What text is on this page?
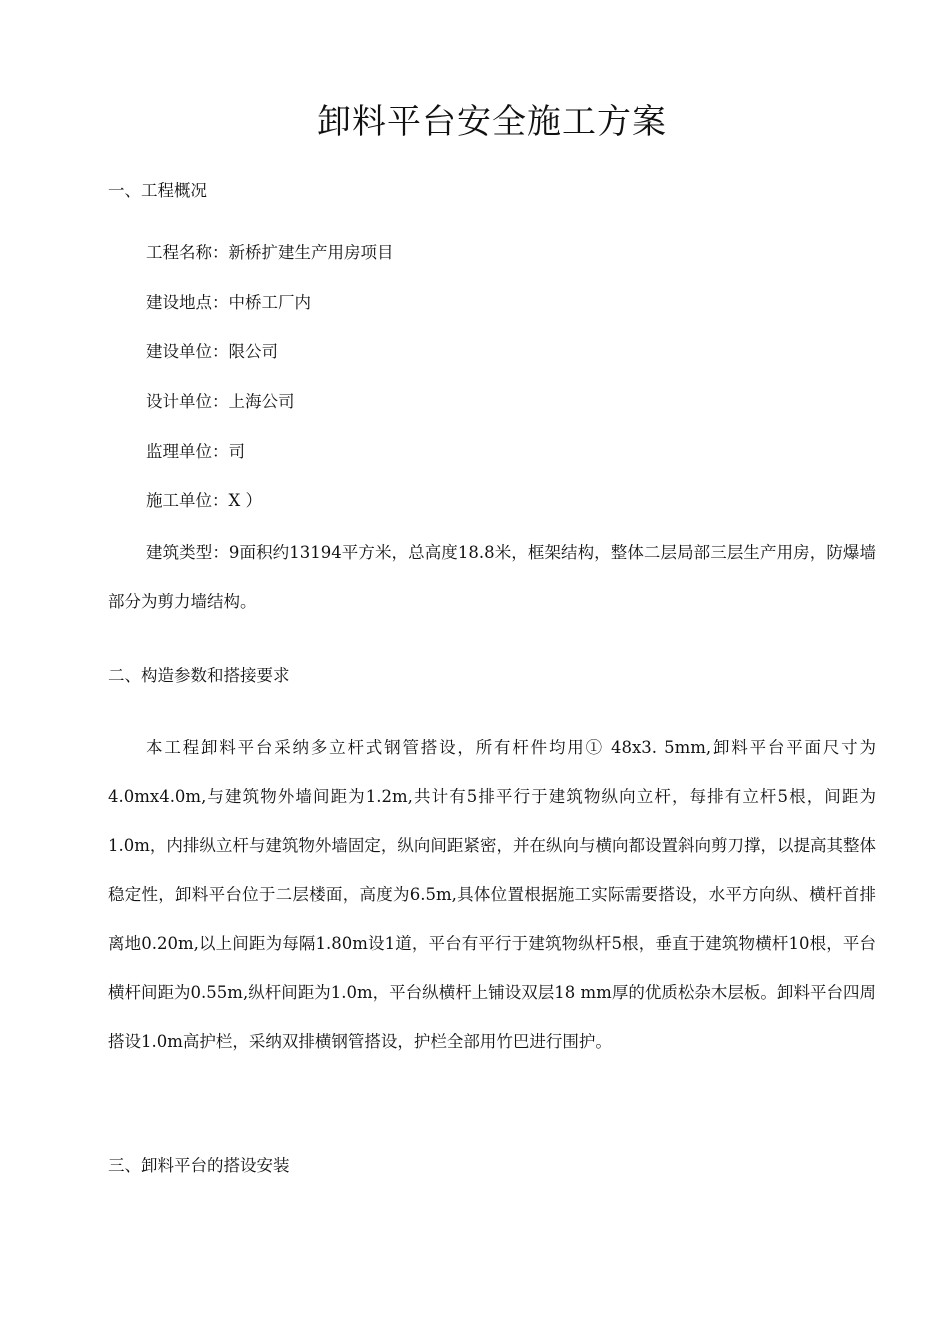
卸料平台安全施工方案
一、工程概况
工程名称：新桥扩建生产用房项目
建设地点：中桥工厂内
建设单位：限公司
设计单位：上海公司
监理单位：司
施工单位：X ）

建筑类型：9面积约13194平方米，总高度18.8米，框架结构，整体二层局部三层生产用房，防爆墙部分为剪力墙结构。

二、构造参数和搭接要求

本工程卸料平台采纳多立杆式钢管搭设，所有杆件均用① 48x3. 5mm,卸料平台平面尺寸为4.0mx4.0m,与建筑物外墙间距为1.2m,共计有5排平行于建筑物纵向立杆，每排有立杆5根，间距为1.0m，内排纵立杆与建筑物外墙固定，纵向间距紧密，并在纵向与横向都设置斜向剪刀撑，以提高其整体稳定性，卸料平台位于二层楼面，高度为6.5m,具体位置根据施工实际需要搭设，水平方向纵、横杆首排离地0.20m,以上间距为每隔1.80m设1道，平台有平行于建筑物纵杆5根，垂直于建筑物横杆10根，平台横杆间距为0.55m,纵杆间距为1.0m，平台纵横杆上铺设双层18 mm厚的优质松杂木层板。卸料平台四周搭设1.0m高护栏，采纳双排横钢管搭设，护栏全部用竹巴进行围护。

三、卸料平台的搭设安装
